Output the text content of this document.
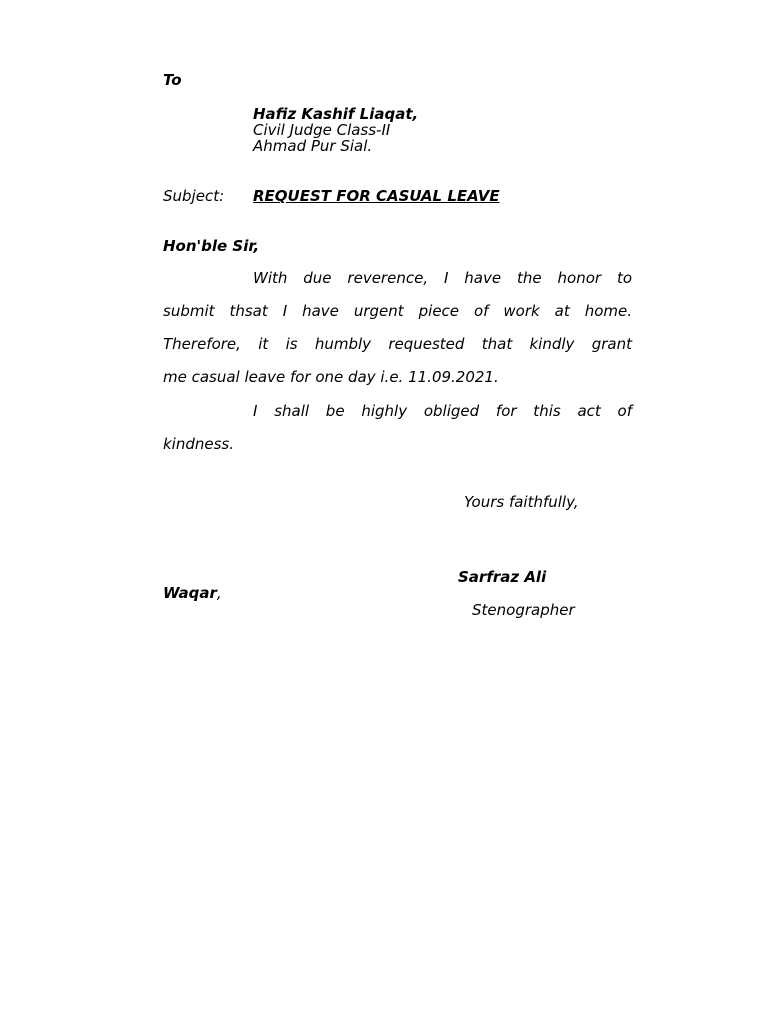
To
Hafiz Kashif Liaqat,
Civil Judge Class-II
Ahmad Pur Sial.
Subject: REQUEST FOR CASUAL LEAVE
Hon'ble Sir,
With due reverence, I have the honor to
submit thsat I have urgent piece of work at home.
Therefore, it is humbly requested that kindly grant
me casual leave for one day i.e. 11.09.2021.
I shall be highly obliged for this act of
kindness.
Yours faithfully,
Sarfraz Ali
Waqar,
Stenographer
